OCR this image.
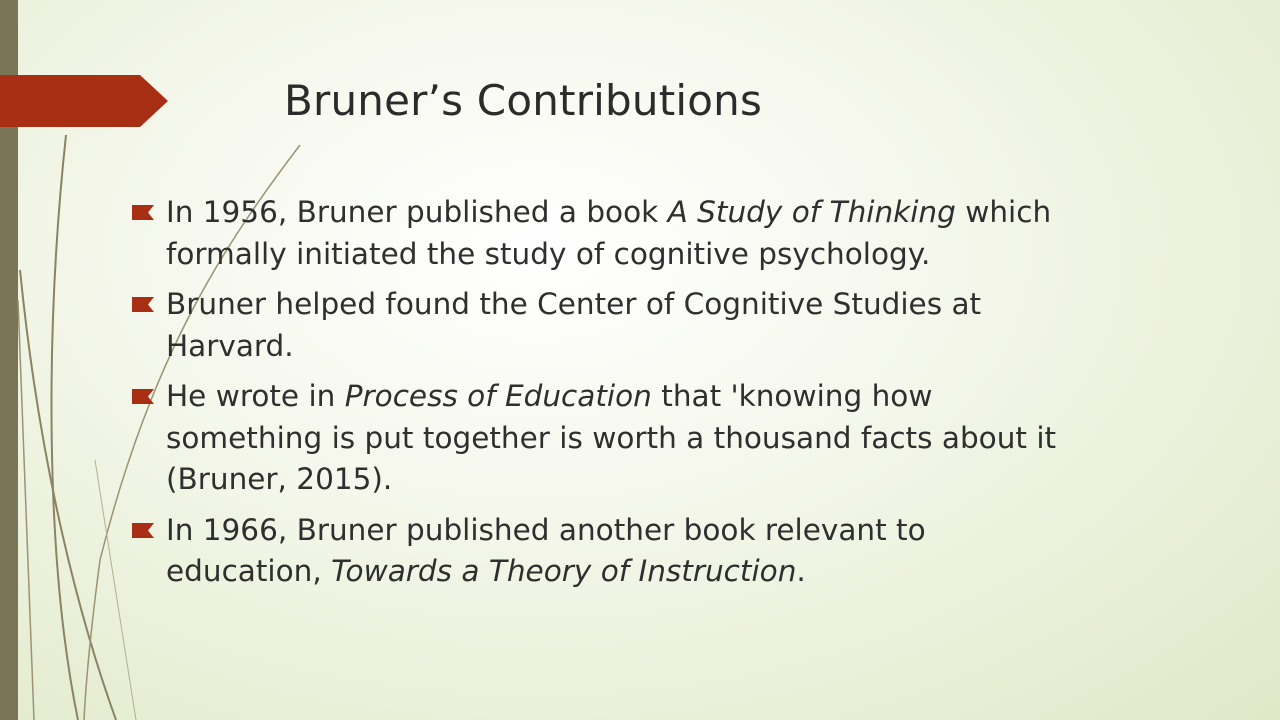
Bruner’s Contributions
In 1956, Bruner published a book A Study of Thinking which formally initiated the study of cognitive psychology.
Bruner helped found the Center of Cognitive Studies at Harvard.
He wrote in Process of Education that 'knowing how something is put together is worth a thousand facts about it (Bruner, 2015).
In 1966, Bruner published another book relevant to education, Towards a Theory of Instruction.
